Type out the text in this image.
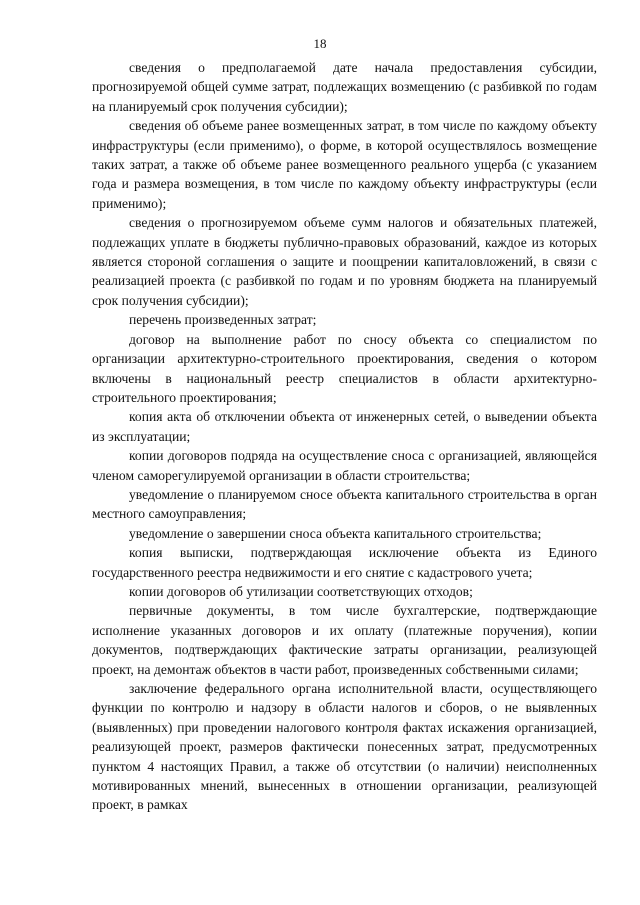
18

сведения о предполагаемой дате начала предоставления субсидии, прогнозируемой общей сумме затрат, подлежащих возмещению (с разбивкой по годам на планируемый срок получения субсидии);

сведения об объеме ранее возмещенных затрат, в том числе по каждому объекту инфраструктуры (если применимо), о форме, в которой осуществлялось возмещение таких затрат, а также об объеме ранее возмещенного реального ущерба (с указанием года и размера возмещения, в том числе по каждому объекту инфраструктуры (если применимо);

сведения о прогнозируемом объеме сумм налогов и обязательных платежей, подлежащих уплате в бюджеты публично-правовых образований, каждое из которых является стороной соглашения о защите и поощрении капиталовложений, в связи с реализацией проекта (с разбивкой по годам и по уровням бюджета на планируемый срок получения субсидии);

перечень произведенных затрат;

договор на выполнение работ по сносу объекта со специалистом по организации архитектурно-строительного проектирования, сведения о котором включены в национальный реестр специалистов в области архитектурно-строительного проектирования;

копия акта об отключении объекта от инженерных сетей, о выведении объекта из эксплуатации;

копии договоров подряда на осуществление сноса с организацией, являющейся членом саморегулируемой организации в области строительства;

уведомление о планируемом сносе объекта капитального строительства в орган местного самоуправления;

уведомление о завершении сноса объекта капитального строительства;

копия выписки, подтверждающая исключение объекта из Единого государственного реестра недвижимости и его снятие с кадастрового учета;

копии договоров об утилизации соответствующих отходов;

первичные документы, в том числе бухгалтерские, подтверждающие исполнение указанных договоров и их оплату (платежные поручения), копии документов, подтверждающих фактические затраты организации, реализующей проект, на демонтаж объектов в части работ, произведенных собственными силами;

заключение федерального органа исполнительной власти, осуществляющего функции по контролю и надзору в области налогов и сборов, о не выявленных (выявленных) при проведении налогового контроля фактах искажения организацией, реализующей проект, размеров фактически понесенных затрат, предусмотренных пунктом 4 настоящих Правил, а также об отсутствии (о наличии) неисполненных мотивированных мнений, вынесенных в отношении организации, реализующей проект, в рамках
